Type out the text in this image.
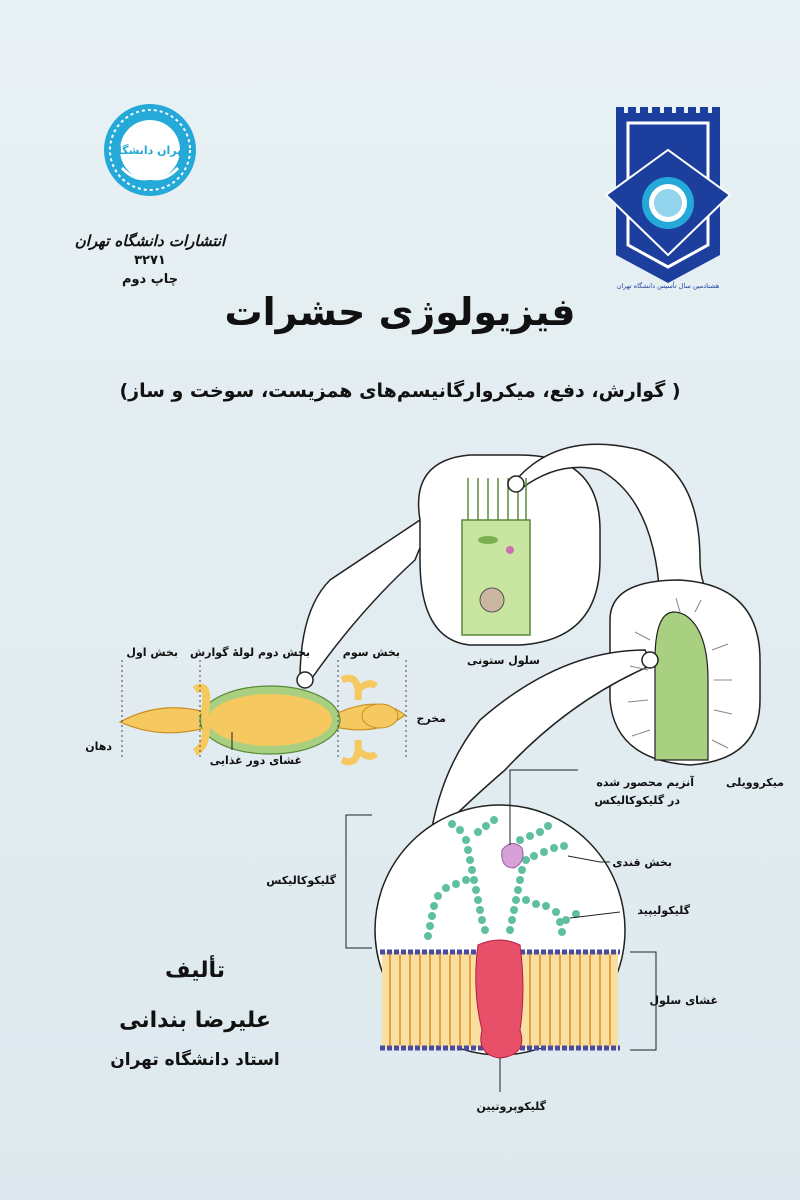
تهران دانشگاه
انتشارات دانشگاه تهران
۳۲۷۱
چاپ دوم	هشتادمین سال تأسیس دانشگاه تهران
فیزیولوژی حشرات
( گوارش، دفع، میکروارگانیسم‌های همزیست، سوخت و ساز)
بخش اول بخش دوم لولهٔ گوارش	بخش سوم
دهان
مخرج
غشای دور غذایی
سلول ستونی
میکروویلی
آنزیم محصور شده
در گلیکوکالیکس
بخش قندی
گلیکولیپید
گلیکوکالیکس
غشای سلول
گلیکوپروتیین
تألیف
علیرضا بندانی
استاد دانشگاه تهران
